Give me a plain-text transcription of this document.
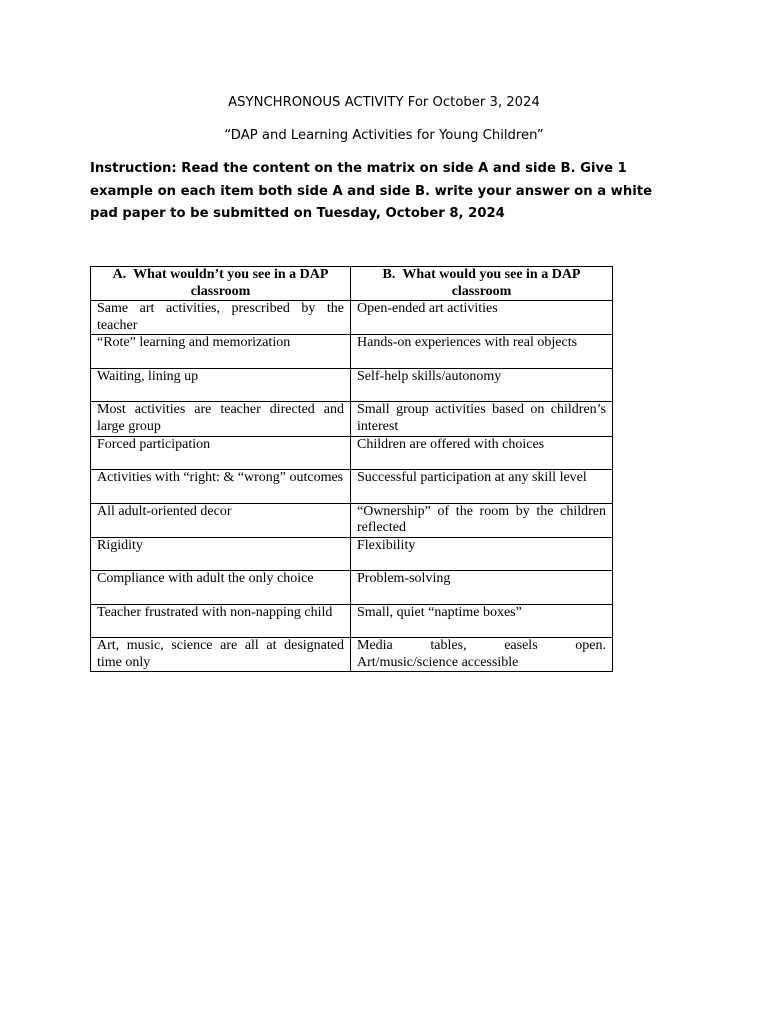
ASYNCHRONOUS ACTIVITY For October 3, 2024
“DAP and Learning Activities for Young Children”

Instruction: Read the content on the matrix on side A and side B. Give 1 example on each item both side A and side B. write your answer on a white pad paper to be submitted on Tuesday, October 8, 2024

A.  What wouldn’t you see in a DAP classroom	B.  What would you see in a DAP classroom
Same art activities, prescribed by the teacher	Open-ended art activities
“Rote” learning and memorization	Hands-on experiences with real objects
Waiting, lining up	Self-help skills/autonomy
Most activities are teacher directed and large group	Small group activities based on children’s interest
Forced participation	Children are offered with choices
Activities with “right: & “wrong” outcomes	Successful participation at any skill level
All adult-oriented decor	“Ownership” of the room by the children reflected
Rigidity	Flexibility
Compliance with adult the only choice	Problem-solving
Teacher frustrated with non-napping child	Small, quiet “naptime boxes”
Art, music, science are all at designated time only	Media tables, easels open. Art/music/science accessible
